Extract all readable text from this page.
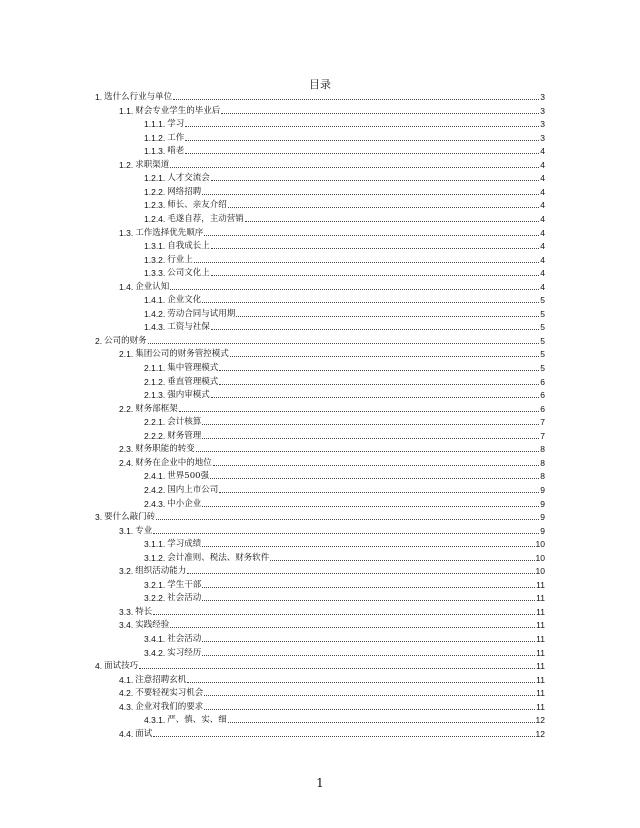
目录
1. 选什么行业与单位	3
1.1. 财会专业学生的毕业后	3
1.1.1. 学习	3
1.1.2. 工作	3
1.1.3. 啃老	4
1.2. 求职渠道	4
1.2.1. 人才交流会	4
1.2.2. 网络招聘	4
1.2.3. 师长、亲友介绍	4
1.2.4. 毛遂自荐，主动营销	4
1.3. 工作选择优先顺序	4
1.3.1. 自我成长上	4
1.3.2. 行业上	4
1.3.3. 公司文化上	4
1.4. 企业认知	4
1.4.1. 企业文化	5
1.4.2. 劳动合同与试用期	5
1.4.3. 工资与社保	5
2. 公司的财务	5
2.1. 集团公司的财务管控模式	5
2.1.1. 集中管理模式	5
2.1.2. 垂直管理模式	6
2.1.3. 强内审模式	6
2.2. 财务部框架	6
2.2.1. 会计核算	7
2.2.2. 财务管理	7
2.3. 财务职能的转变	8
2.4. 财务在企业中的地位	8
2.4.1. 世界500强	8
2.4.2. 国内上市公司	9
2.4.3. 中小企业	9
3. 要什么敲门砖	9
3.1. 专业	9
3.1.1. 学习成绩	10
3.1.2. 会计准则、税法、财务软件	10
3.2. 组织活动能力	10
3.2.1. 学生干部	11
3.2.2. 社会活动	11
3.3. 特长	11
3.4. 实践经验	11
3.4.1. 社会活动	11
3.4.2. 实习经历	11
4. 面试技巧	11
4.1. 注意招聘玄机	11
4.2. 不要轻视实习机会	11
4.3. 企业对我们的要求	11
4.3.1. 严、慎、实、细	12
4.4. 面试	12
1
